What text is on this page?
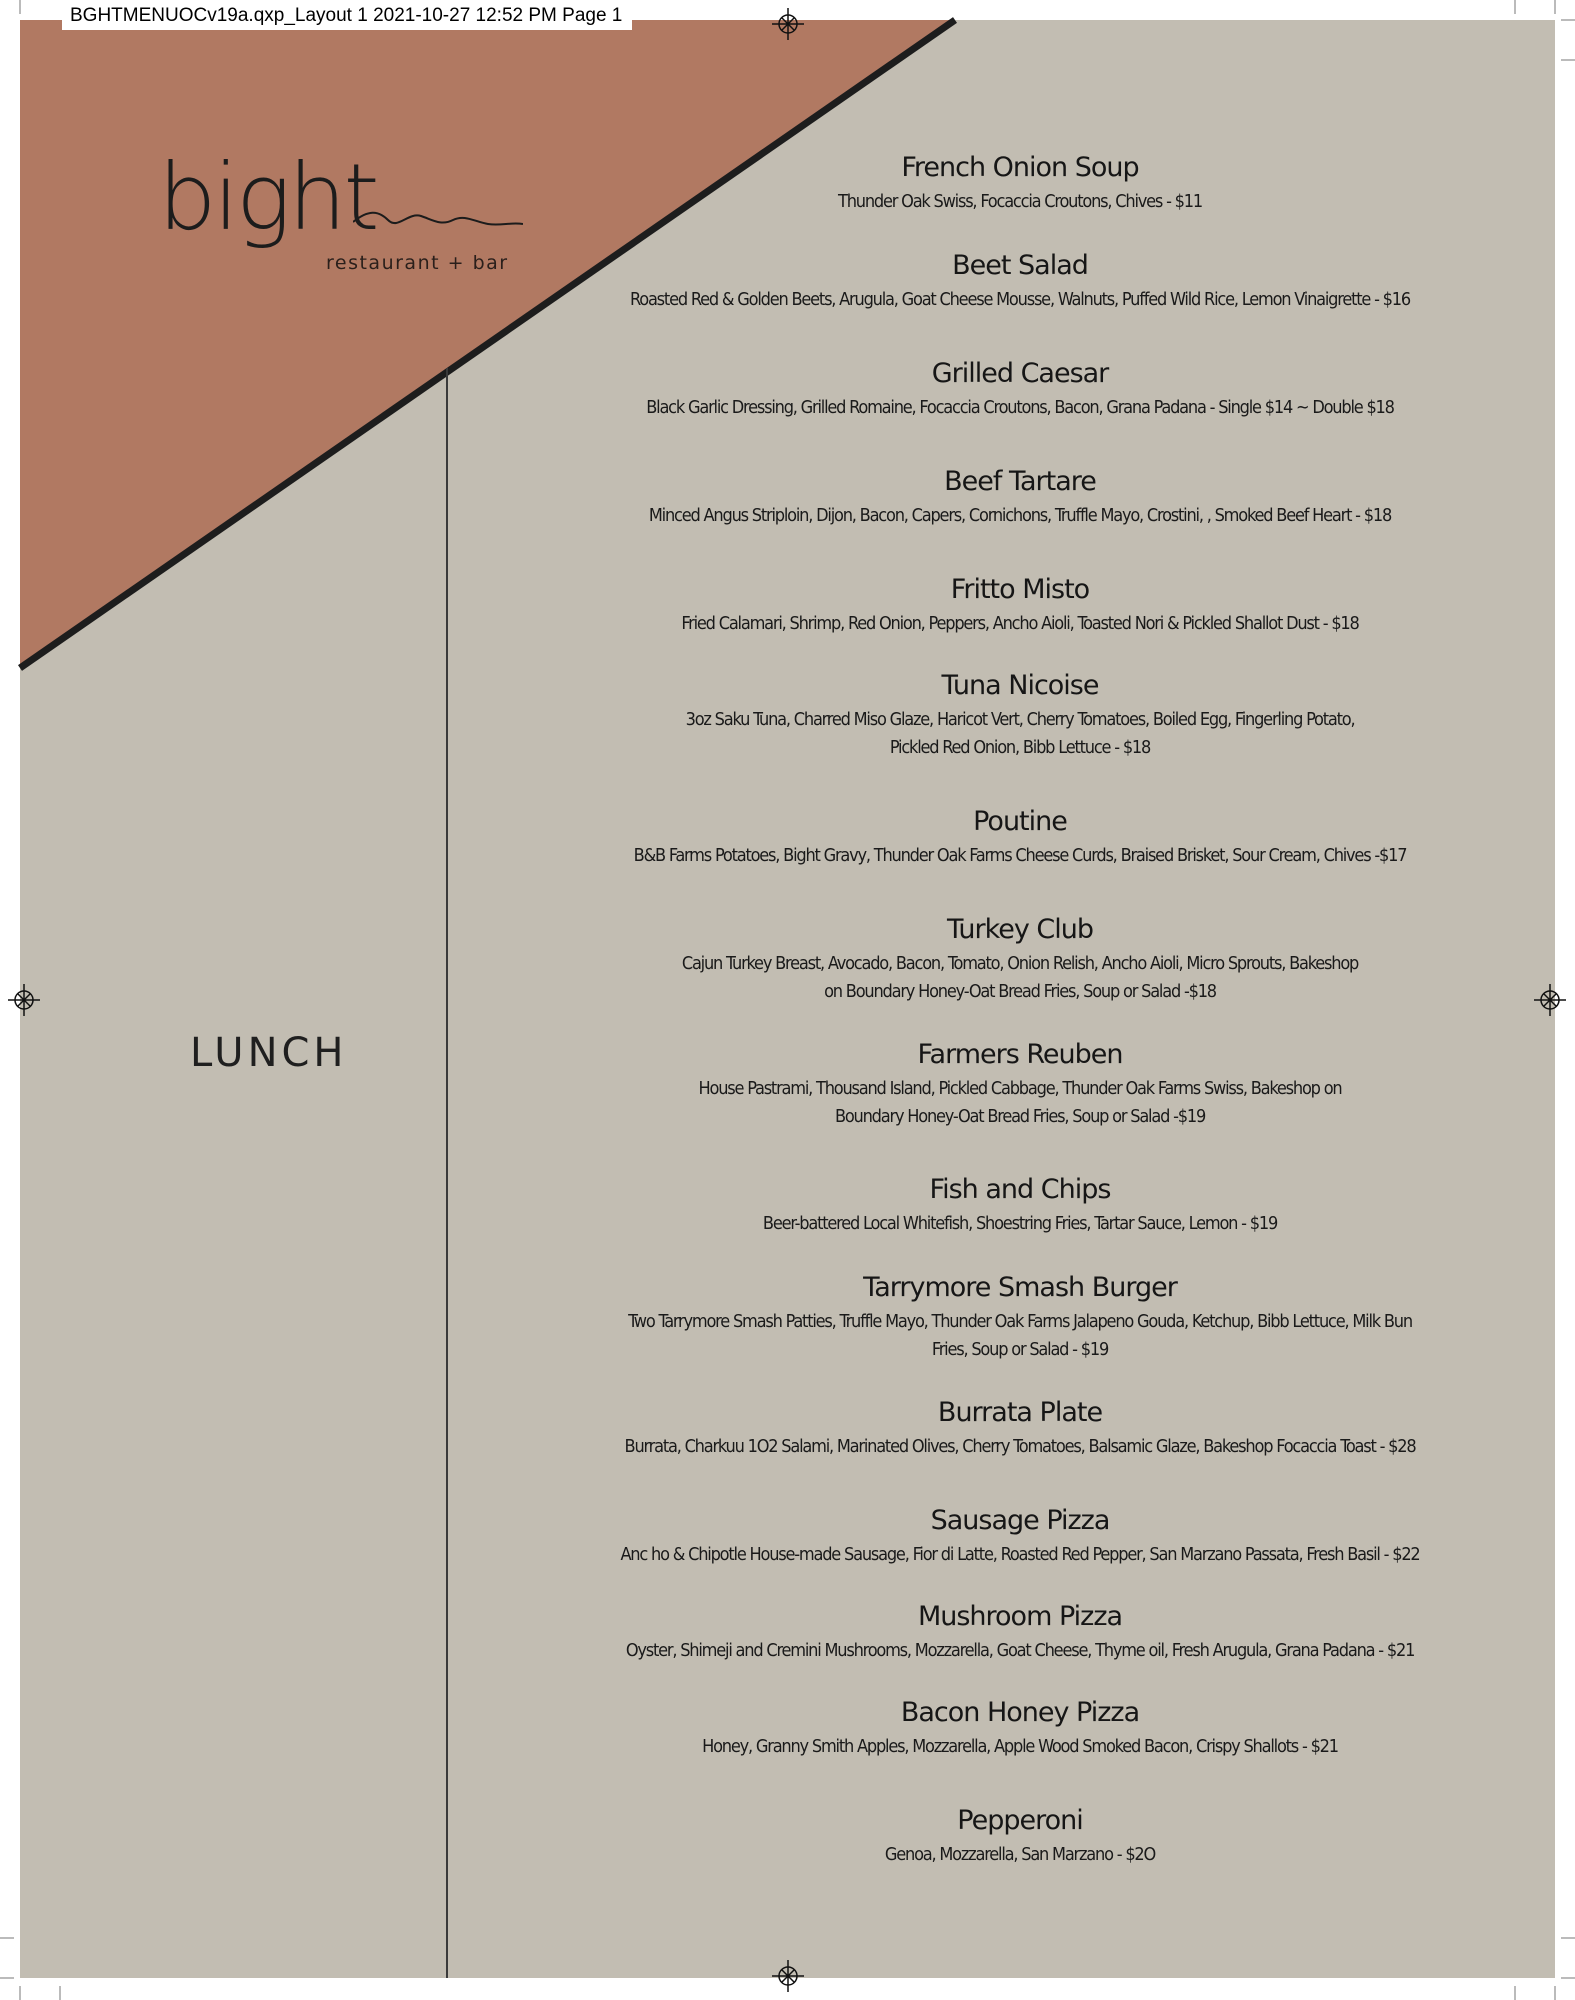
BGHTMENUOCv19a.qxp_Layout 1 2021-10-27 12:52 PM Page 1
bight
restaurant + bar
LUNCH
French Onion Soup
Thunder Oak Swiss, Focaccia Croutons, Chives - $11
Beet Salad
Roasted Red & Golden Beets, Arugula, Goat Cheese Mousse, Walnuts, Puffed Wild Rice, Lemon Vinaigrette - $16
Grilled Caesar
Black Garlic Dressing, Grilled Romaine, Focaccia Croutons, Bacon, Grana Padana - Single $14 ~ Double $18
Beef Tartare
Minced Angus Striploin, Dijon, Bacon, Capers, Cornichons, Truffle Mayo, Crostini, , Smoked Beef Heart - $18
Fritto Misto
Fried Calamari, Shrimp, Red Onion, Peppers, Ancho Aioli, Toasted Nori & Pickled Shallot Dust - $18
Tuna Nicoise
3oz Saku Tuna, Charred Miso Glaze, Haricot Vert, Cherry Tomatoes, Boiled Egg, Fingerling Potato,
Pickled Red Onion, Bibb Lettuce - $18
Poutine
B&B Farms Potatoes, Bight Gravy, Thunder Oak Farms Cheese Curds, Braised Brisket, Sour Cream, Chives -$17
Turkey Club
Cajun Turkey Breast, Avocado, Bacon, Tomato, Onion Relish, Ancho Aioli, Micro Sprouts, Bakeshop
on Boundary Honey-Oat Bread Fries, Soup or Salad -$18
Farmers Reuben
House Pastrami, Thousand Island, Pickled Cabbage, Thunder Oak Farms Swiss, Bakeshop on
Boundary Honey-Oat Bread Fries, Soup or Salad -$19
Fish and Chips
Beer-battered Local Whitefish, Shoestring Fries, Tartar Sauce, Lemon - $19
Tarrymore Smash Burger
Two Tarrymore Smash Patties, Truffle Mayo, Thunder Oak Farms Jalapeno Gouda, Ketchup, Bibb Lettuce, Milk Bun
Fries, Soup or Salad - $19
Burrata Plate
Burrata, Charkuu 1O2 Salami, Marinated Olives, Cherry Tomatoes, Balsamic Glaze, Bakeshop Focaccia Toast - $28
Sausage Pizza
Anc ho & Chipotle House-made Sausage, Fior di Latte, Roasted Red Pepper, San Marzano Passata, Fresh Basil - $22
Mushroom Pizza
Oyster, Shimeji and Cremini Mushrooms, Mozzarella, Goat Cheese, Thyme oil, Fresh Arugula, Grana Padana - $21
Bacon Honey Pizza
Honey, Granny Smith Apples, Mozzarella, Apple Wood Smoked Bacon, Crispy Shallots - $21
Pepperoni
Genoa, Mozzarella, San Marzano - $2O
